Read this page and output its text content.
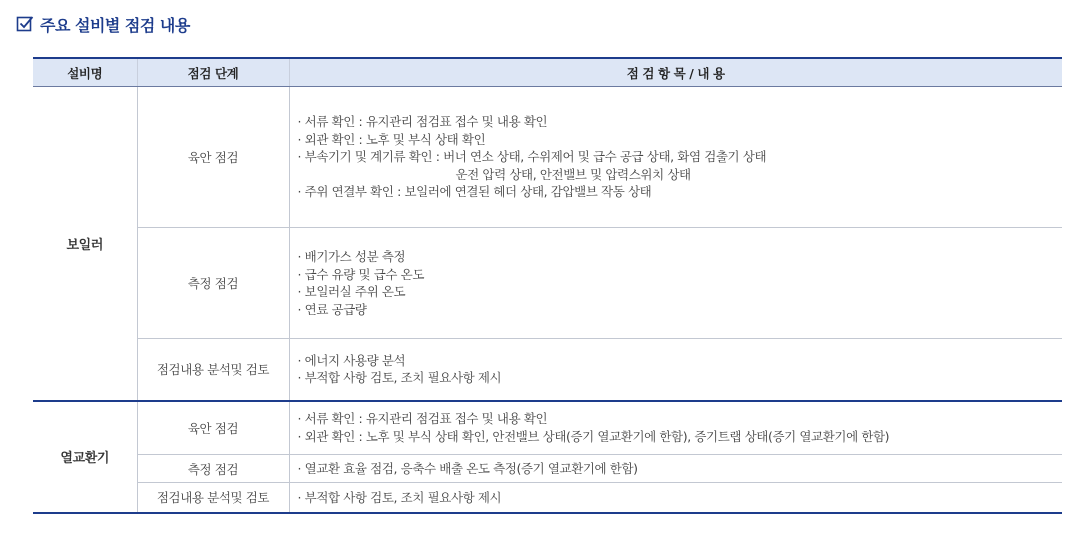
주요 설비별 점검 내용
설비명	점검 단계	점 검 항 목 / 내 용
보일러	육안 점검	· 서류 확인 : 유지관리 점검표 접수 및 내용 확인
· 외관 확인 : 노후 및 부식 상태 확인
· 부속기기 및 계기류 확인 : 버너 연소 상태, 수위제어 및 급수 공급 상태, 화염 검출기 상태
운전 압력 상태, 안전밸브 및 압력스위치 상태
· 주위 연결부 확인 : 보일러에 연결된 헤더 상태, 감압밸브 작동 상태

	측정 점검	· 배기가스 성분 측정
· 급수 유량 및 급수 온도
· 보일러실 주위 온도
· 연료 공급량

	점검내용 분석및 검토	· 에너지 사용량 분석
· 부적합 사항 검토, 조치 필요사항 제시

열교환기	육안 점검	· 서류 확인 : 유지관리 점검표 접수 및 내용 확인
· 외관 확인 : 노후 및 부식 상태 확인, 안전밸브 상태(증기 열교환기에 한함), 증기트랩 상태(증기 열교환기에 한함)

	측정 점검	· 열교환 효율 점검, 응축수 배출 온도 측정(증기 열교환기에 한함)

	점검내용 분석및 검토	· 부적합 사항 검토, 조치 필요사항 제시
